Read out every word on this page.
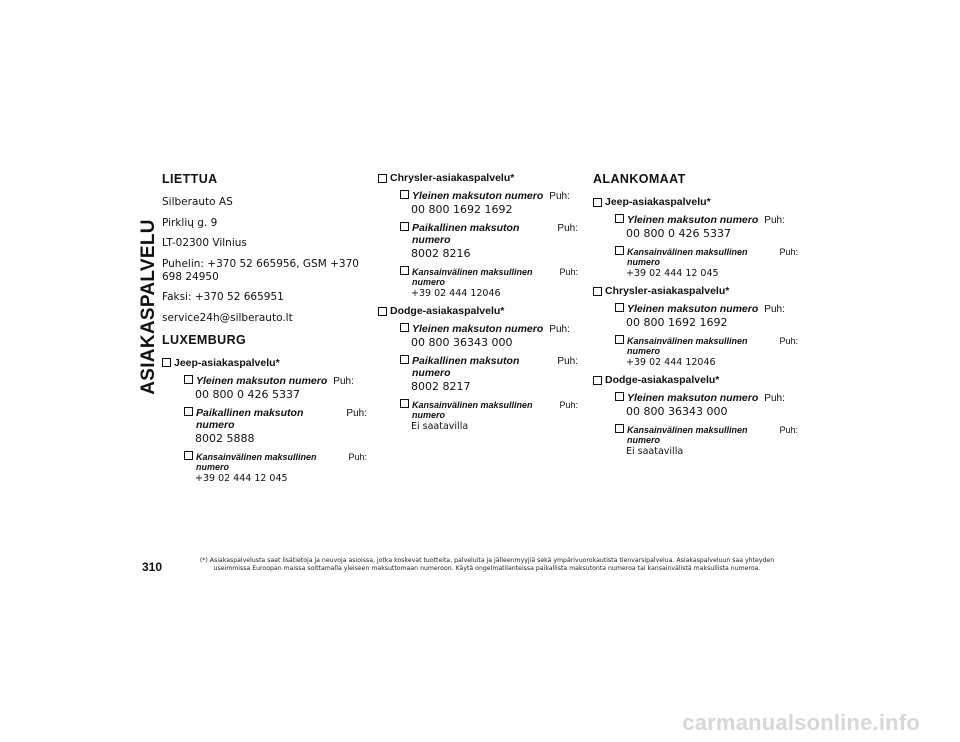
ASIAKASPALVELU
LIETTUA

Silberauto AS

Pirklių g. 9

LT-02300 Vilnius

Puhelin: +370 52 665956, GSM +370 698 24950

Faksi: +370 52 665951

service24h@silberauto.lt

LUXEMBURG
Jeep-asiakaspalvelu*
Yleinen maksuton numero Puh:
00 800 0 426 5337
Paikallinen maksuton numero
Puh:
8002 5888
Kansainvälinen maksullinen numero
Puh:
+39 02 444 12 045
Chrysler-asiakaspalvelu*
Yleinen maksuton numero Puh:
00 800 1692 1692
Paikallinen maksuton numero
Puh:
8002 8216
Kansainvälinen maksullinen numero
Puh:
+39 02 444 12046
Dodge-asiakaspalvelu*
Yleinen maksuton numero Puh:
00 800 36343 000
Paikallinen maksuton numero
Puh:
8002 8217
Kansainvälinen maksullinen numero
Puh:
Ei saatavilla
ALANKOMAAT
Jeep-asiakaspalvelu*
Yleinen maksuton numero Puh:
00 800 0 426 5337
Kansainvälinen maksullinen numero
Puh:
+39 02 444 12 045
Chrysler-asiakaspalvelu*
Yleinen maksuton numero Puh:
00 800 1692 1692
Kansainvälinen maksullinen numero
Puh:
+39 02 444 12046
Dodge-asiakaspalvelu*
Yleinen maksuton numero Puh:
00 800 36343 000
Kansainvälinen maksullinen numero
Puh:
Ei saatavilla
310	(*) Asiakaspalvelusta saat lisätietoja ja neuvoja asioissa, jotka koskevat tuotteita, palveluita ja jälleenmyyjiä sekä ympärivuorokautista tienvarsipalvelua. Asiakaspalveluun saa yhteyden useimmissa Euroopan maissa soittamalla yleiseen maksuttomaan numeroon. Käytä ongelmatilanteissa paikallista maksutonta numeroa tai kansainvälistä maksullista numeroa.
carmanualsonline.info
